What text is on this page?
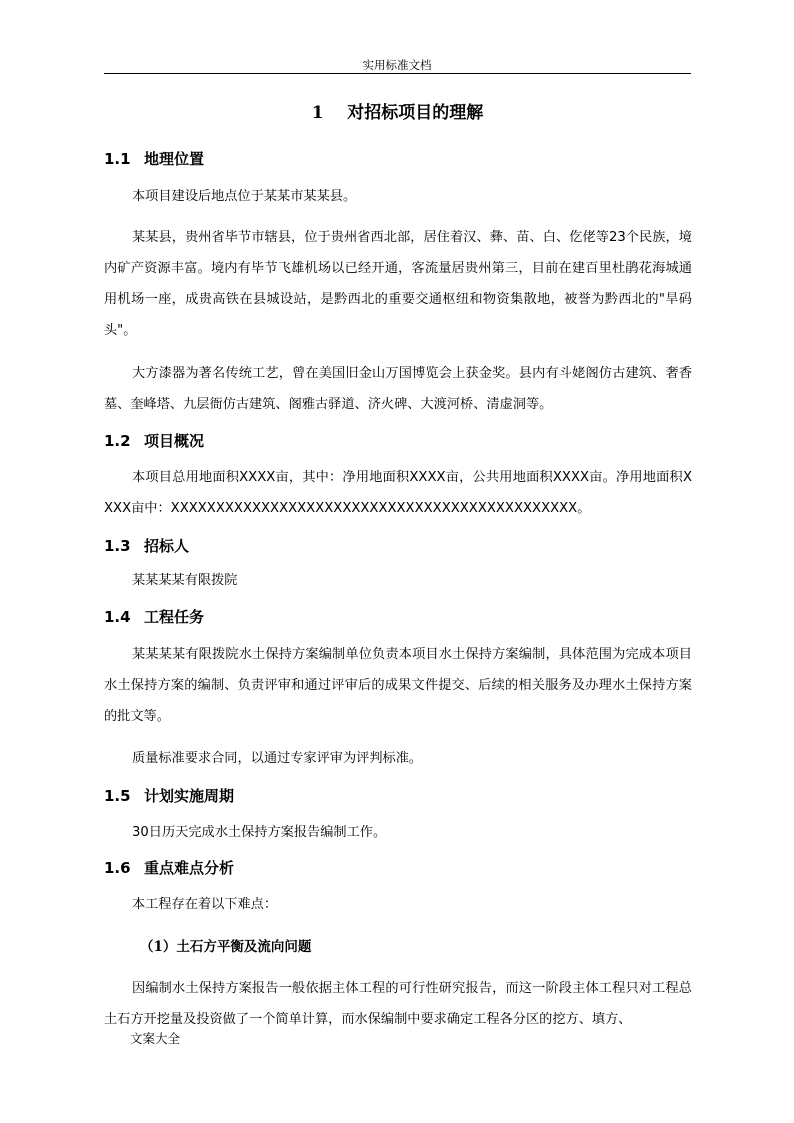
实用标准文档
1 对招标项目的理解
1.1 地理位置

本项目建设后地点位于某某市某某县。

某某县，贵州省毕节市辖县，位于贵州省西北部，居住着汉、彝、苗、白、仡佬等23个民族，境内矿产资源丰富。境内有毕节飞雄机场以已经开通，客流量居贵州第三，目前在建百里杜鹃花海城通用机场一座，成贵高铁在县城设站，是黔西北的重要交通枢纽和物资集散地，被誉为黔西北的"旱码头"。

大方漆器为著名传统工艺，曾在美国旧金山万国博览会上获金奖。县内有斗姥阁仿古建筑、奢香墓、奎峰塔、九层衙仿古建筑、阁雅古驿道、济火碑、大渡河桥、清虚洞等。

1.2 项目概况

本项目总用地面积XXXX亩，其中：净用地面积XXXX亩，公共用地面积XXXX亩。净用地面积XXXX亩中：XXXXXXXXXXXXXXXXXXXXXXXXXXXXXXXXXXXXXXXXXXXXX。

1.3 招标人

某某某某有限拨院

1.4 工程任务

某某某某有限拨院水土保持方案编制单位负责本项目水土保持方案编制，具体范围为完成本项目水土保持方案的编制、负责评审和通过评审后的成果文件提交、后续的相关服务及办理水土保持方案的批文等。

质量标准要求合同，以通过专家评审为评判标准。

1.5 计划实施周期

30日历天完成水土保持方案报告编制工作。

1.6 重点难点分析

本工程存在着以下难点：

（1）土石方平衡及流向问题

因编制水土保持方案报告一般依据主体工程的可行性研究报告，而这一阶段主体工程只对工程总土石方开挖量及投资做了一个简单计算，而水保编制中要求确定工程各分区的挖方、填方、

文案大全
